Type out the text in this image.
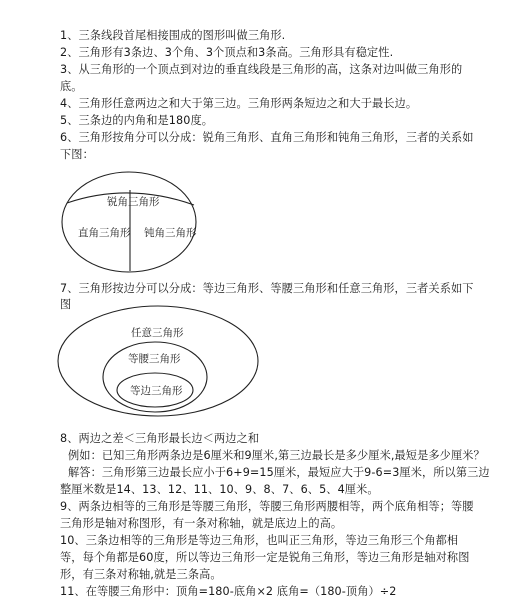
1、三条线段首尾相接围成的图形叫做三角形.
2、三角形有3条边、3个角、3个顶点和3条高。三角形具有稳定性.
3、从三角形的一个顶点到对边的垂直线段是三角形的高，这条对边叫做三角形的
底。
4、三角形任意两边之和大于第三边。三角形两条短边之和大于最长边。
5、三条边的内角和是180度。
6、三角形按角分可以分成：锐角三角形、直角三角形和钝角三角形，三者的关系如
下图：
锐角三角形
直角三角形 钝角三角形
任意三角形
等腰三角形
等边三角形
7、三角形按边分可以分成：等边三角形、等腰三角形和任意三角形，三者关系如下
图
8、两边之差＜三角形最长边＜两边之和
例如：已知三角形两条边是6厘米和9厘米,第三边最长是多少厘米,最短是多少厘米？
解答：三角形第三边最长应小于6+9=15厘米，最短应大于9-6=3厘米，所以第三边
整厘米数是14、13、12、11、10、9、8、7、6、5、4厘米。
9、两条边相等的三角形是等腰三角形，等腰三角形两腰相等，两个底角相等；等腰
三角形是轴对称图形，有一条对称轴，就是底边上的高。
10、三条边相等的三角形是等边三角形，也叫正三角形，等边三角形三个角都相
等，每个角都是60度，所以等边三角形一定是锐角三角形，等边三角形是轴对称图
形，有三条对称轴,就是三条高。
11、在等腰三角形中：顶角=180-底角×2 底角=（180-顶角）÷2
